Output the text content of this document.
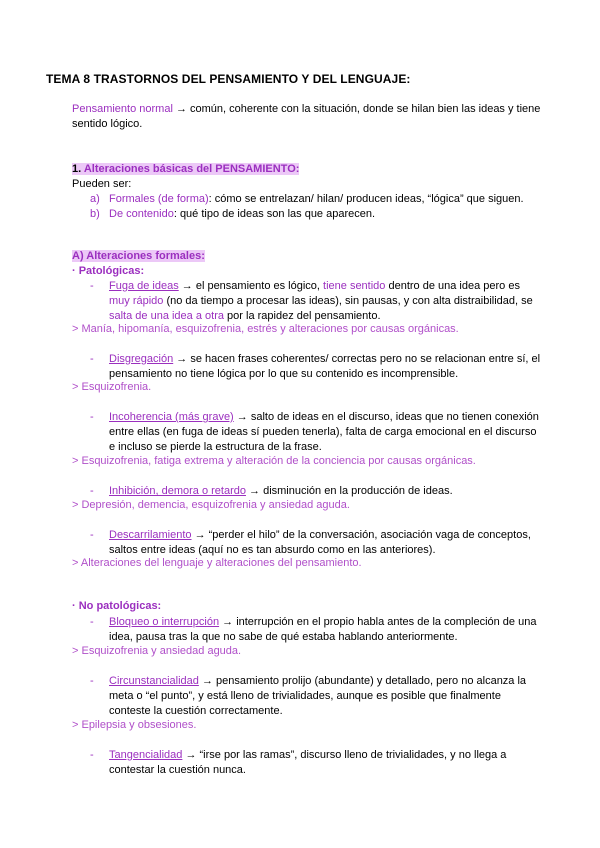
TEMA 8 TRASTORNOS DEL PENSAMIENTO Y DEL LENGUAJE:
Pensamiento normal → común, coherente con la situación, donde se hilan bien las ideas y tiene sentido lógico.
1. Alteraciones básicas del PENSAMIENTO:
Pueden ser:
a) Formales (de forma): cómo se entrelazan/ hilan/ producen ideas, “lógica” que siguen.
b) De contenido: qué tipo de ideas son las que aparecen.
A) Alteraciones formales:
· Patológicas:
- Fuga de ideas → el pensamiento es lógico, tiene sentido dentro de una idea pero es muy rápido (no da tiempo a procesar las ideas), sin pausas, y con alta distraibilidad, se salta de una idea a otra por la rapidez del pensamiento.
> Manía, hipomanía, esquizofrenia, estrés y alteraciones por causas orgánicas.
- Disgregación → se hacen frases coherentes/ correctas pero no se relacionan entre sí, el pensamiento no tiene lógica por lo que su contenido es incomprensible.
> Esquizofrenia.
- Incoherencia (más grave) → salto de ideas en el discurso, ideas que no tienen conexión entre ellas (en fuga de ideas sí pueden tenerla), falta de carga emocional en el discurso e incluso se pierde la estructura de la frase.
> Esquizofrenia, fatiga extrema y alteración de la conciencia por causas orgánicas.
- Inhibición, demora o retardo → disminución en la producción de ideas.
> Depresión, demencia, esquizofrenia y ansiedad aguda.
- Descarrilamiento → “perder el hilo” de la conversación, asociación vaga de conceptos, saltos entre ideas (aquí no es tan absurdo como en las anteriores).
> Alteraciones del lenguaje y alteraciones del pensamiento.
· No patológicas:
- Bloqueo o interrupción → interrupción en el propio habla antes de la compleción de una idea, pausa tras la que no sabe de qué estaba hablando anteriormente.
> Esquizofrenia y ansiedad aguda.
- Circunstancialidad → pensamiento prolijo (abundante) y detallado, pero no alcanza la meta o “el punto”, y está lleno de trivialidades, aunque es posible que finalmente conteste la cuestión correctamente.
> Epilepsia y obsesiones.
- Tangencialidad → “irse por las ramas”, discurso lleno de trivialidades, y no llega a contestar la cuestión nunca.
